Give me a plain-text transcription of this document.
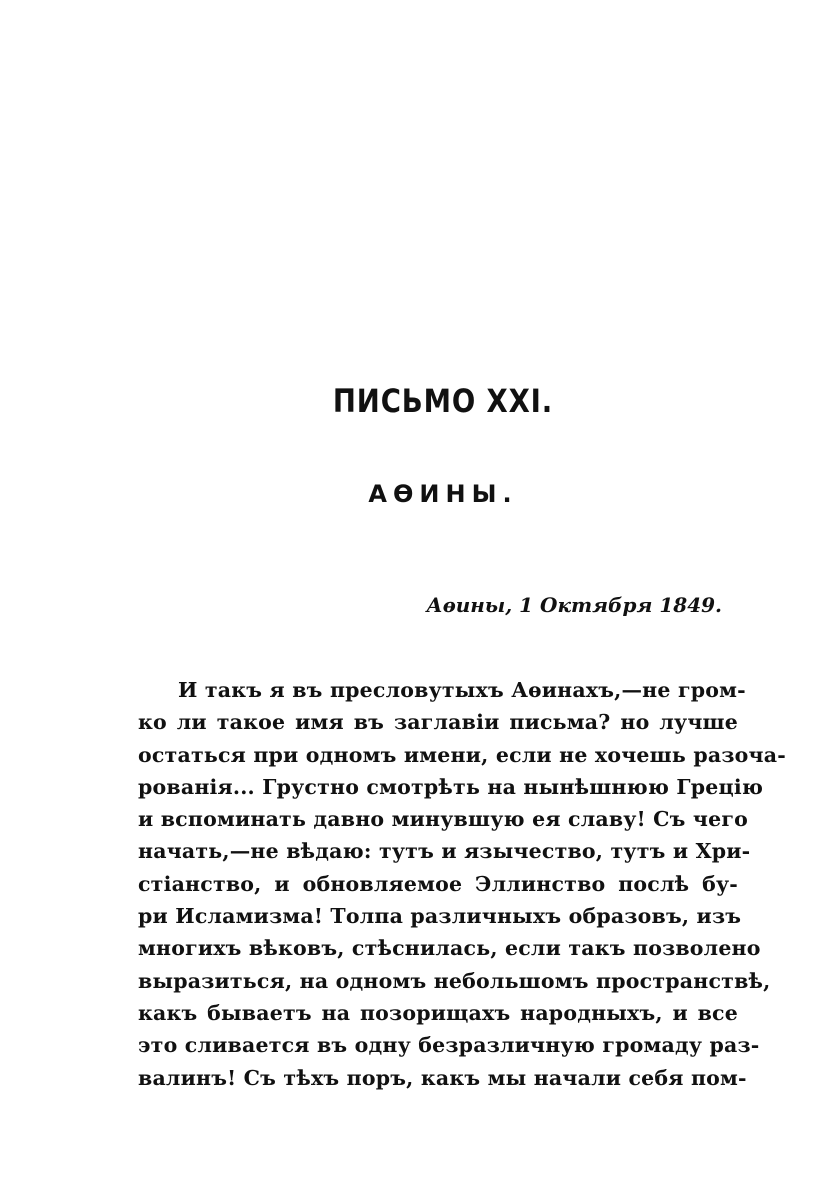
ПИСЬМО XXI.
АѲИНЫ.
Аѳины, 1 Октября 1849.
И такъ я въ пресловутыхъ Аѳинахъ,—не гром-
ко ли такое имя въ заглавіи письма? но лучше
остаться при одномъ имени, если не хочешь разоча-
рованія... Грустно смотрѣть на нынѣшнюю Грецію
и вспоминать давно минувшую ея славу! Съ чего
начать,—не вѣдаю: тутъ и язычество, тутъ и Хри-
стіанство, и обновляемое Эллинство послѣ бу-
ри Исламизма! Толпа различныхъ образовъ, изъ
многихъ вѣковъ, стѣснилась, если такъ позволено
выразиться, на одномъ небольшомъ пространствѣ,
какъ бываетъ на позорищахъ народныхъ, и все
это сливается въ одну безразличную громаду раз-
валинъ! Съ тѣхъ поръ, какъ мы начали себя пом-
